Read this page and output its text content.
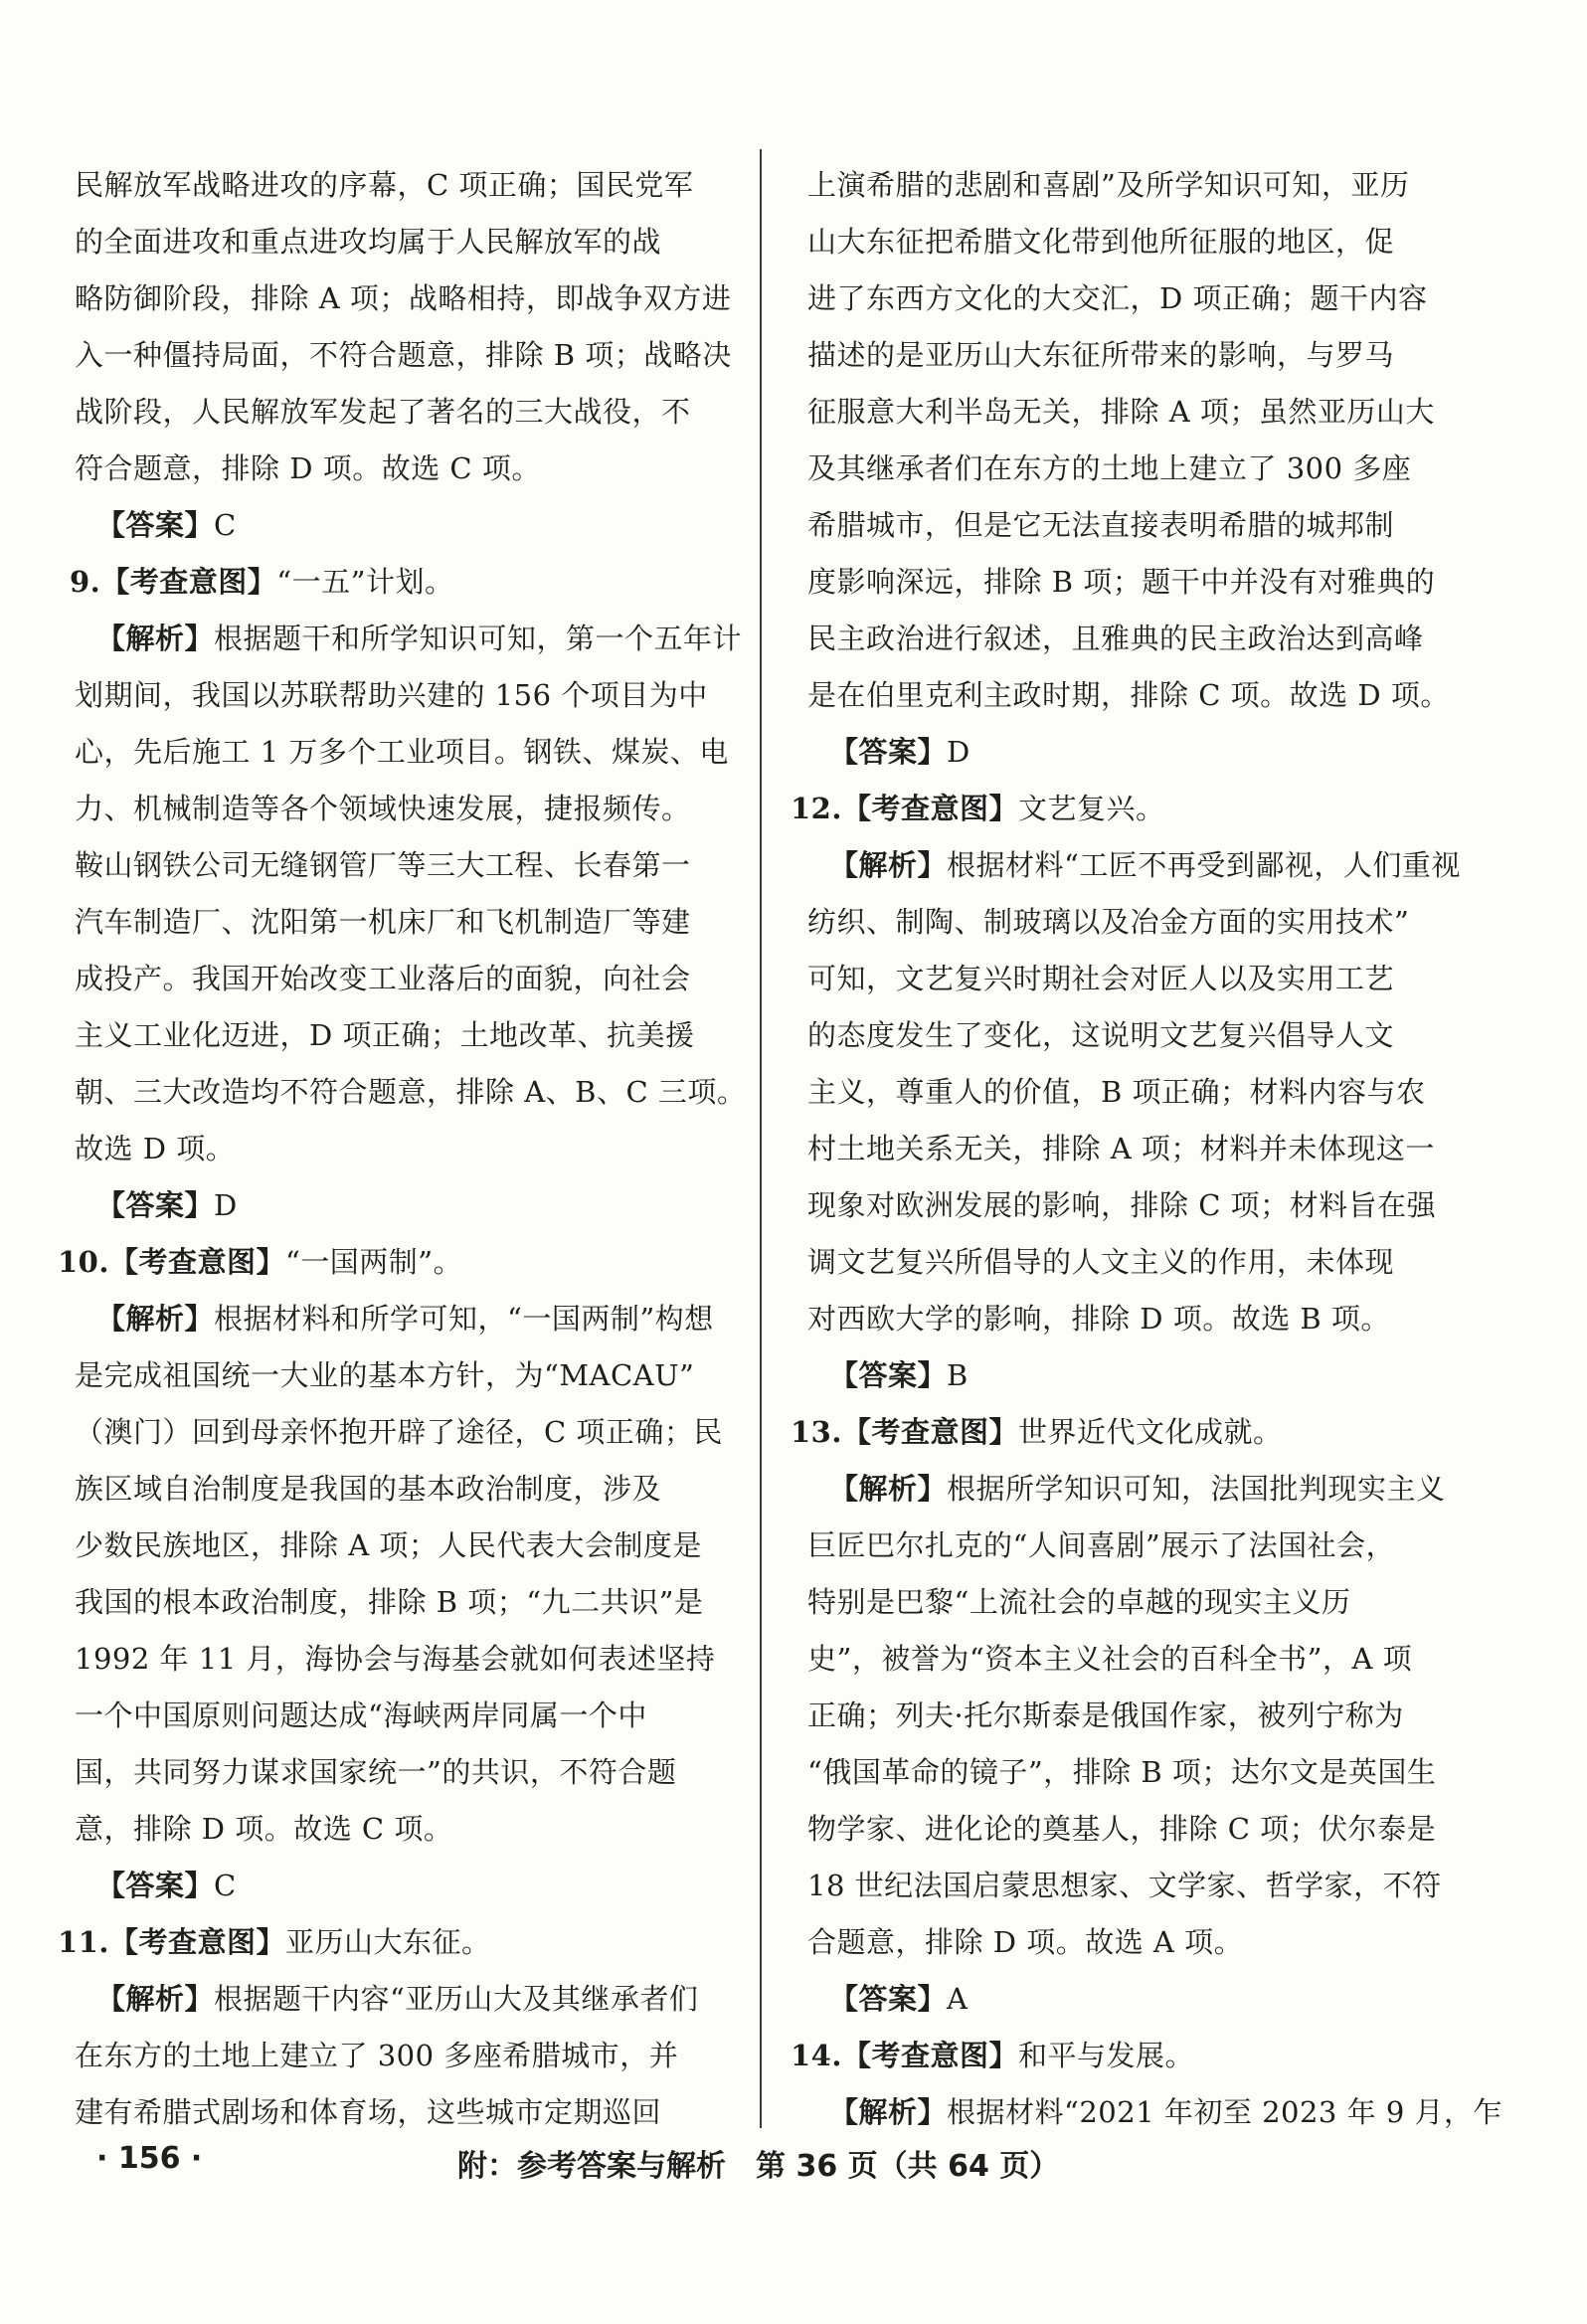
民解放军战略进攻的序幕，C 项正确；国民党军
的全面进攻和重点进攻均属于人民解放军的战
略防御阶段，排除 A 项；战略相持，即战争双方进
入一种僵持局面，不符合题意，排除 B 项；战略决
战阶段，人民解放军发起了著名的三大战役，不
符合题意，排除 D 项。故选 C 项。
【答案】C
9.【考查意图】“一五”计划。
【解析】根据题干和所学知识可知，第一个五年计
划期间，我国以苏联帮助兴建的 156 个项目为中
心，先后施工 1 万多个工业项目。钢铁、煤炭、电
力、机械制造等各个领域快速发展，捷报频传。
鞍山钢铁公司无缝钢管厂等三大工程、长春第一
汽车制造厂、沈阳第一机床厂和飞机制造厂等建
成投产。我国开始改变工业落后的面貌，向社会
主义工业化迈进，D 项正确；土地改革、抗美援
朝、三大改造均不符合题意，排除 A、B、C 三项。
故选 D 项。
【答案】D
10.【考查意图】“一国两制”。
【解析】根据材料和所学可知，“一国两制”构想
是完成祖国统一大业的基本方针，为“MACAU”
（澳门）回到母亲怀抱开辟了途径，C 项正确；民
族区域自治制度是我国的基本政治制度，涉及
少数民族地区，排除 A 项；人民代表大会制度是
我国的根本政治制度，排除 B 项；“九二共识”是
1992 年 11 月，海协会与海基会就如何表述坚持
一个中国原则问题达成“海峡两岸同属一个中
国，共同努力谋求国家统一”的共识，不符合题
意，排除 D 项。故选 C 项。
【答案】C
11.【考查意图】亚历山大东征。
【解析】根据题干内容“亚历山大及其继承者们
在东方的土地上建立了 300 多座希腊城市，并
建有希腊式剧场和体育场，这些城市定期巡回
上演希腊的悲剧和喜剧”及所学知识可知，亚历
山大东征把希腊文化带到他所征服的地区，促
进了东西方文化的大交汇，D 项正确；题干内容
描述的是亚历山大东征所带来的影响，与罗马
征服意大利半岛无关，排除 A 项；虽然亚历山大
及其继承者们在东方的土地上建立了 300 多座
希腊城市，但是它无法直接表明希腊的城邦制
度影响深远，排除 B 项；题干中并没有对雅典的
民主政治进行叙述，且雅典的民主政治达到高峰
是在伯里克利主政时期，排除 C 项。故选 D 项。
【答案】D
12.【考查意图】文艺复兴。
【解析】根据材料“工匠不再受到鄙视，人们重视
纺织、制陶、制玻璃以及冶金方面的实用技术”
可知，文艺复兴时期社会对匠人以及实用工艺
的态度发生了变化，这说明文艺复兴倡导人文
主义，尊重人的价值，B 项正确；材料内容与农
村土地关系无关，排除 A 项；材料并未体现这一
现象对欧洲发展的影响，排除 C 项；材料旨在强
调文艺复兴所倡导的人文主义的作用，未体现
对西欧大学的影响，排除 D 项。故选 B 项。
【答案】B
13.【考查意图】世界近代文化成就。
【解析】根据所学知识可知，法国批判现实主义
巨匠巴尔扎克的“人间喜剧”展示了法国社会，
特别是巴黎“上流社会的卓越的现实主义历
史”，被誉为“资本主义社会的百科全书”，A 项
正确；列夫·托尔斯泰是俄国作家，被列宁称为
“俄国革命的镜子”，排除 B 项；达尔文是英国生
物学家、进化论的奠基人，排除 C 项；伏尔泰是
18 世纪法国启蒙思想家、文学家、哲学家，不符
合题意，排除 D 项。故选 A 项。
【答案】A
14.【考查意图】和平与发展。
【解析】根据材料“2021 年初至 2023 年 9 月，乍
· 156 ·	附：参考答案与解析　第 36 页（共 64 页）
